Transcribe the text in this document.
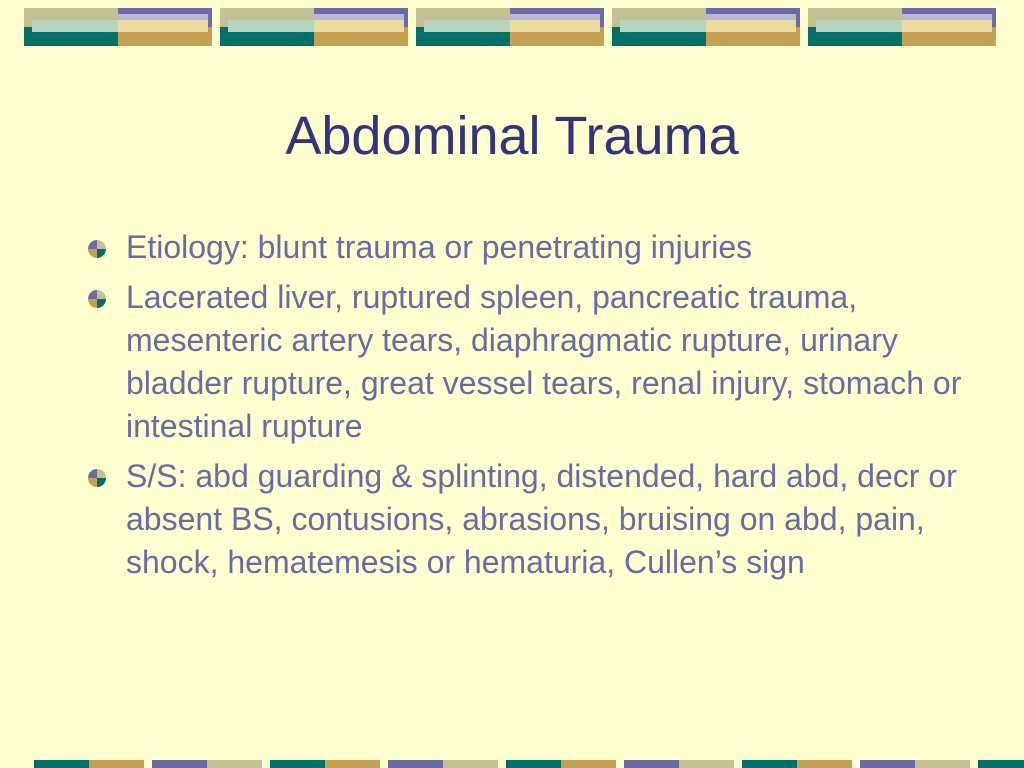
Abdominal Trauma
Etiology: blunt trauma or penetrating injuries
Lacerated liver, ruptured spleen, pancreatic trauma, mesenteric artery tears, diaphragmatic rupture, urinary bladder rupture, great vessel tears, renal injury, stomach or intestinal rupture
S/S: abd guarding & splinting, distended, hard abd, decr or absent BS, contusions, abrasions, bruising on abd, pain, shock, hematemesis or hematuria, Cullen’s sign
